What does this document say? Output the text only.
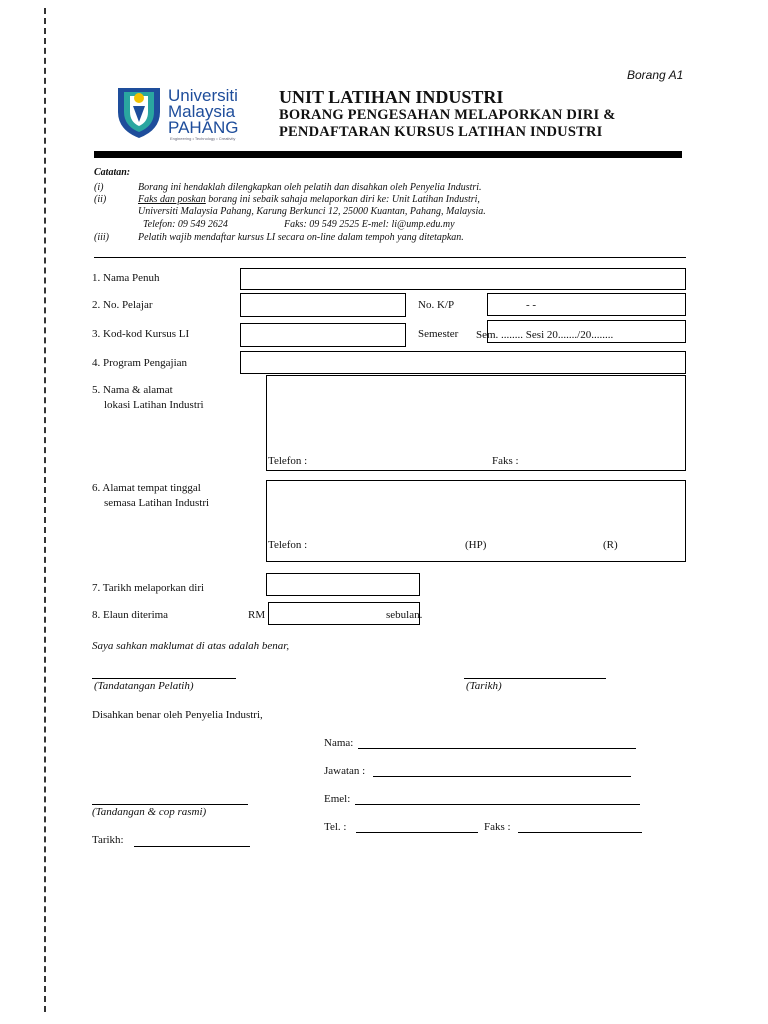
Borang A1
Universiti
Malaysia
PAHANG
Engineering • Technology • Creativity
UNIT LATIHAN INDUSTRI
BORANG PENGESAHAN MELAPORKAN DIRI &
PENDAFTARAN KURSUS LATIHAN INDUSTRI
Catatan:
(i)	Borang ini hendaklah dilengkapkan oleh pelatih dan disahkan oleh Penyelia Industri.
(ii)	Faks dan poskan borang ini sebaik sahaja melaporkan diri ke: Unit Latihan Industri,
Universiti Malaysia Pahang, Karung Berkunci 12, 25000 Kuantan, Pahang, Malaysia.
Telefon: 09 549 2624	Faks: 09 549 2525 E-mel: li@ump.edu.my
(iii)	Pelatih wajib mendaftar kursus LI secara on-line dalam tempoh yang ditetapkan.
1. Nama Penuh
2. No. Pelajar	No. K/P	- -
3. Kod-kod Kursus LI	Semester Sem. ........ Sesi 20......./20........
4. Program Pengajian
5. Nama & alamat
lokasi Latihan Industri
Telefon :	Faks :
6. Alamat tempat tinggal
semasa Latihan Industri
Telefon :	(HP)	(R)
7. Tarikh melaporkan diri
8. Elaun diterima	RM	sebulan.
Saya sahkan maklumat di atas adalah benar,
(Tandatangan Pelatih)	(Tarikh)
Disahkan benar oleh Penyelia Industri,
Nama:
Jawatan :
Emel:
(Tandangan & cop rasmi)
Tel. :	Faks :
Tarikh:
